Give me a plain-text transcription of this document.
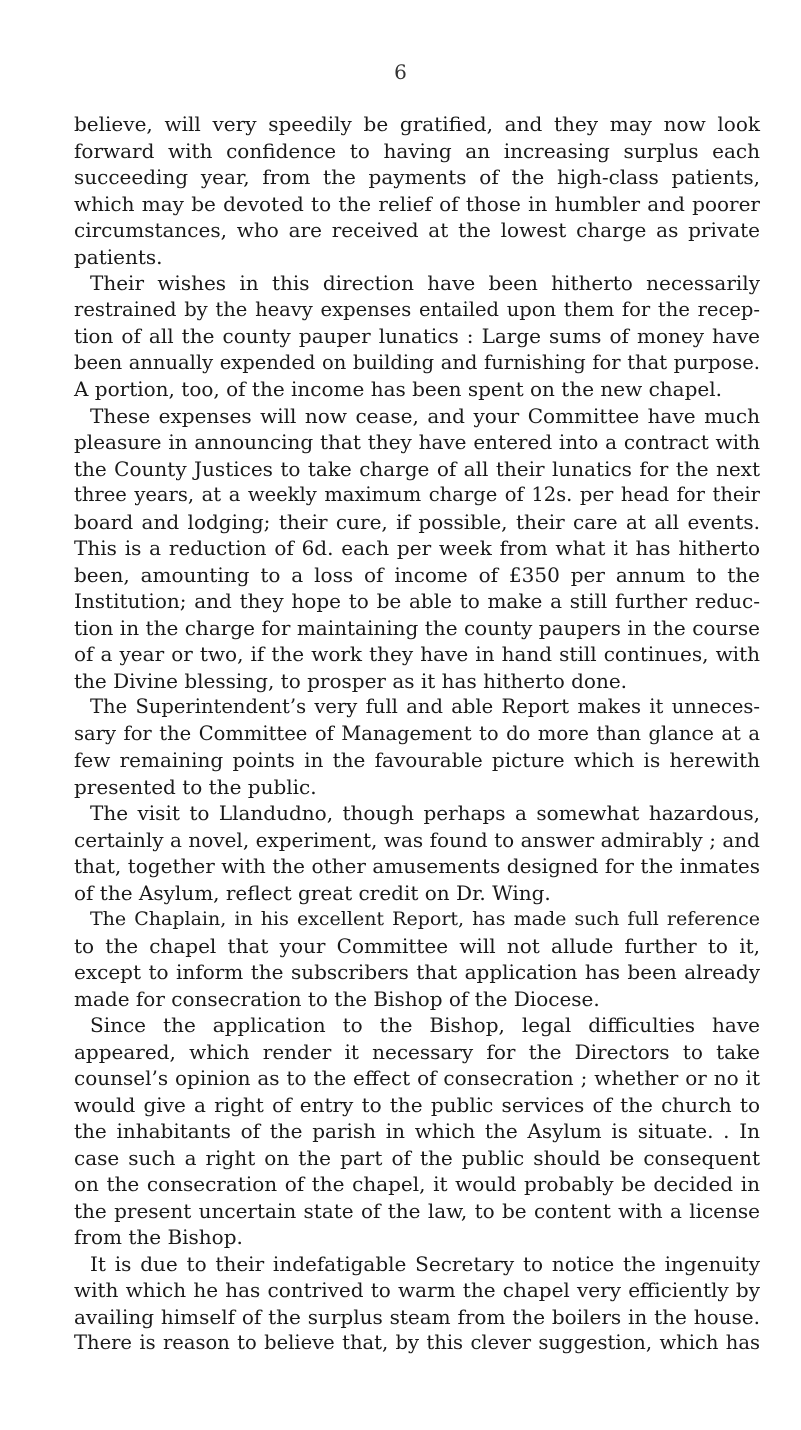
6
believe, will very speedily be gratified, and they may now look
forward with confidence to having an increasing surplus each
succeeding year, from the payments of the high-class patients,
which may be devoted to the relief of those in humbler and poorer
circumstances, who are received at the lowest charge as private
patients.
Their wishes in this direction have been hitherto necessarily
restrained by the heavy expenses entailed upon them for the recep-
tion of all the county pauper lunatics : Large sums of money have
been annually expended on building and furnishing for that purpose.
A portion, too, of the income has been spent on the new chapel.
These expenses will now cease, and your Committee have much
pleasure in announcing that they have entered into a contract with
the County Justices to take charge of all their lunatics for the next
three years, at a weekly maximum charge of 12s. per head for their
board and lodging; their cure, if possible, their care at all events.
This is a reduction of 6d. each per week from what it has hitherto
been, amounting to a loss of income of £350 per annum to the
Institution; and they hope to be able to make a still further reduc-
tion in the charge for maintaining the county paupers in the course
of a year or two, if the work they have in hand still continues, with
the Divine blessing, to prosper as it has hitherto done.
The Superintendent’s very full and able Report makes it unneces-
sary for the Committee of Management to do more than glance at a
few remaining points in the favourable picture which is herewith
presented to the public.
The visit to Llandudno, though perhaps a somewhat hazardous,
certainly a novel, experiment, was found to answer admirably ; and
that, together with the other amusements designed for the inmates
of the Asylum, reflect great credit on Dr. Wing.
The Chaplain, in his excellent Report, has made such full reference
to the chapel that your Committee will not allude further to it,
except to inform the subscribers that application has been already
made for consecration to the Bishop of the Diocese.
Since the application to the Bishop, legal difficulties have
appeared, which render it necessary for the Directors to take
counsel’s opinion as to the effect of consecration ; whether or no it
would give a right of entry to the public services of the church to
the inhabitants of the parish in which the Asylum is situate. . In
case such a right on the part of the public should be consequent
on the consecration of the chapel, it would probably be decided in
the present uncertain state of the law, to be content with a license
from the Bishop.
It is due to their indefatigable Secretary to notice the ingenuity
with which he has contrived to warm the chapel very efficiently by
availing himself of the surplus steam from the boilers in the house.
There is reason to believe that, by this clever suggestion, which has
